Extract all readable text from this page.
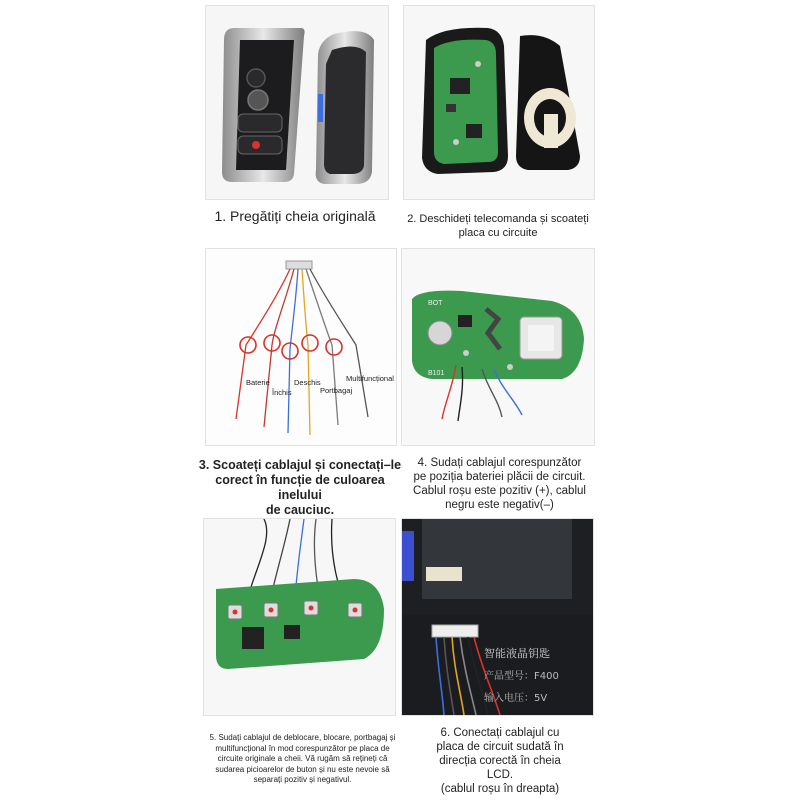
1. Pregătiți cheia originală	2. Deschideți telecomanda și scoateți
placa cu circuite
Baterie
Închis
Deschis
Portbagaj
Multifuncțional
3. Scoateți cablajul și conectați–le
corect în funcție de culoarea inelului
de cauciuc.
BOT
B101
4. Sudați cablajul corespunzător
pe poziția bateriei plăcii de circuit.
Cablul roșu este pozitiv (+), cablul
negru este negativ(–)
5. Sudați cablajul de deblocare, blocare, portbagaj și
multifuncțional în mod corespunzător pe placa de
circuite originale a cheii. Vă rugăm să rețineți că
sudarea picioarelor de buton și nu este nevoie să
separați pozitiv și negativul.
智能液晶钥匙
产品型号：F400
输入电压：5V
6. Conectați cablajul cu
placa de circuit sudată în
direcția corectă în cheia
LCD.
(cablul roșu în dreapta)
